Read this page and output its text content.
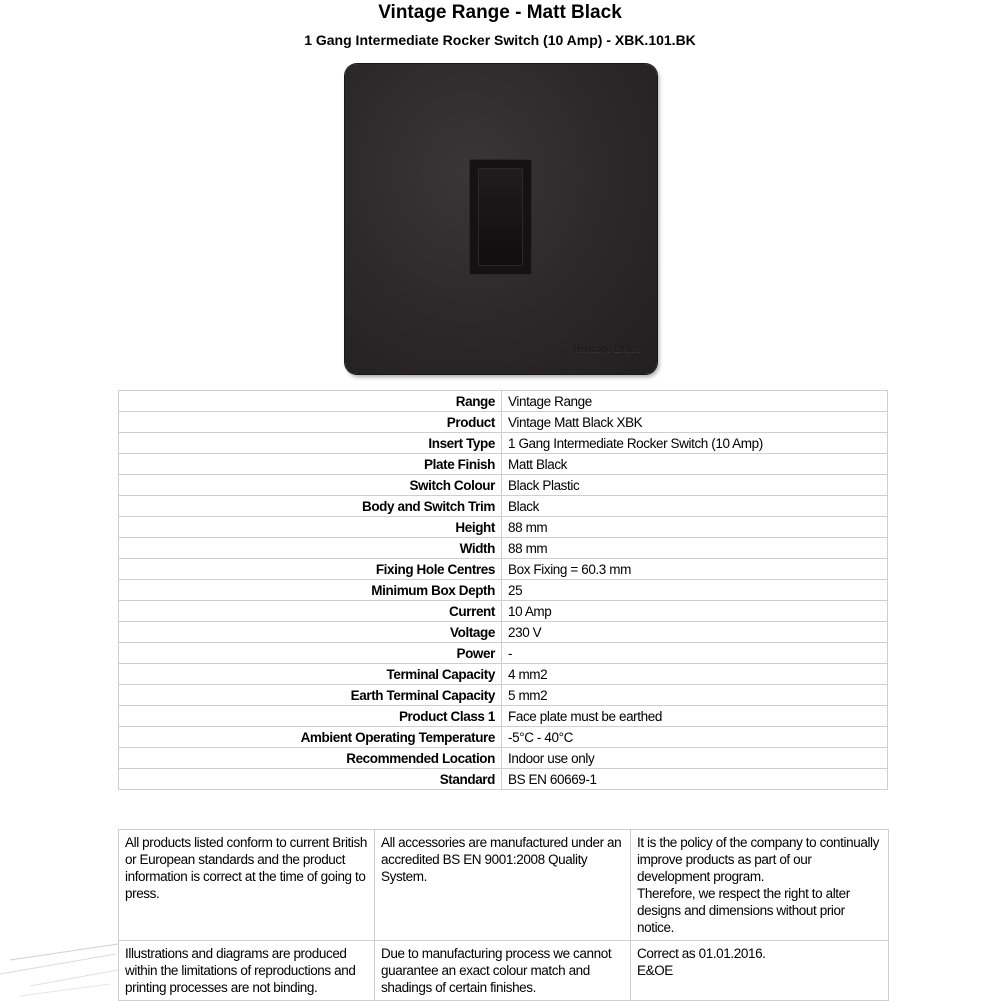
Vintage Range - Matt Black
1 Gang Intermediate Rocker Switch (10 Amp) - XBK.101.BK
Heritage Brass
Range	Vintage Range
Product	Vintage Matt Black XBK
Insert Type	1 Gang Intermediate Rocker Switch (10 Amp)
Plate Finish	Matt Black
Switch Colour	Black Plastic
Body and Switch Trim	Black
Height	88 mm
Width	88 mm
Fixing Hole Centres	Box Fixing = 60.3 mm
Minimum Box Depth	25
Current	10 Amp
Voltage	230 V
Power	-
Terminal Capacity	4 mm2
Earth Terminal Capacity	5 mm2
Product Class 1	Face plate must be earthed
Ambient Operating Temperature	-5°C - 40°C
Recommended Location	Indoor use only
Standard	BS EN 60669-1
All products listed conform to current British or European standards and the product information is correct at the time of going to press.	All accessories are manufactured under an accredited BS EN 9001:2008 Quality System.	It is the policy of the company to continually improve products as part of our development program.
Therefore, we respect the right to alter designs and dimensions without prior notice.

Illustrations and diagrams are produced within the limitations of reproductions and printing processes are not binding.	Due to manufacturing process we cannot guarantee an exact colour match and shadings of certain finishes.	Correct as 01.01.2016.
E&OE
